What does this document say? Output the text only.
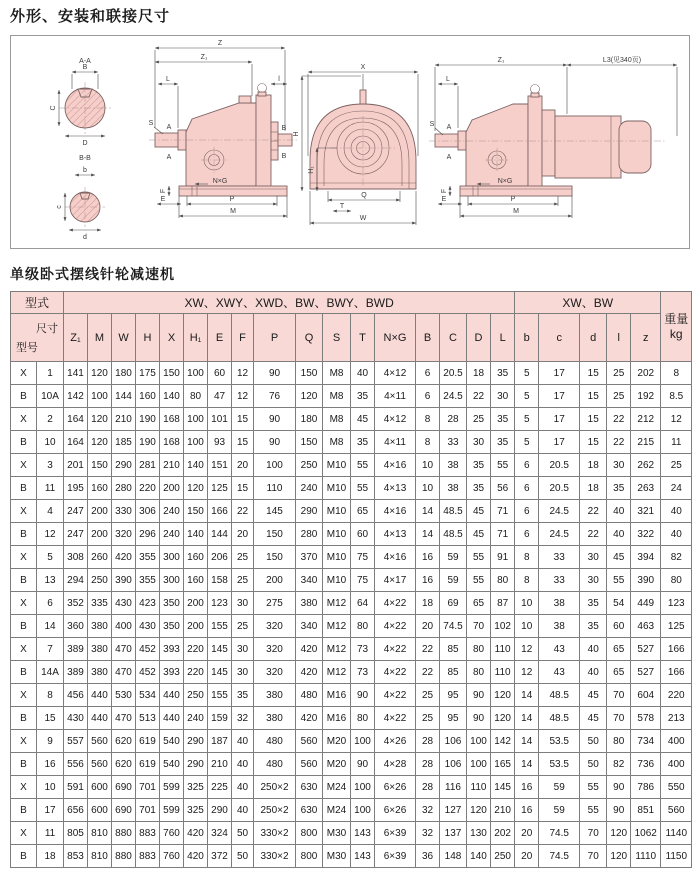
外形、安装和联接尺寸
A-A
B
C
D
B-B
b
c
d
Z
Z₁
L	l
S
A
A
B
B
N×G
F
E	P
M
X
H
H₁
Q
T
W
Z₁	L3(见340页)
L
S A
A
N×G
F
E	P
M
单级卧式摆线针轮减速机
型式		XW、XWY、XWD、BW、BWY、BWD																	XW、BW					重量
kg

尺寸
型号		Z₁	M	W	H	X	H₁	E	F	P	Q	S	T	N×G	B	C	D	L	b	c	d	l	z	
X	1	141	120	180	175	150	100	60	12	90	150	M8	40	4×12	6	20.5	18	35	5	17	15	25	202	8
B	10A	142	100	144	160	140	80	47	12	76	120	M8	35	4×11	6	24.5	22	30	5	17	15	25	192	8.5
X	2	164	120	210	190	168	100	101	15	90	180	M8	45	4×12	8	28	25	35	5	17	15	22	212	12
B	10	164	120	185	190	168	100	93	15	90	150	M8	35	4×11	8	33	30	35	5	17	15	22	215	11
X	3	201	150	290	281	210	140	151	20	100	250	M10	55	4×16	10	38	35	55	6	20.5	18	30	262	25
B	11	195	160	280	220	200	120	125	15	110	240	M10	55	4×13	10	38	35	56	6	20.5	18	35	263	24
X	4	247	200	330	306	240	150	166	22	145	290	M10	65	4×16	14	48.5	45	71	6	24.5	22	40	321	40
B	12	247	200	320	296	240	140	144	20	150	280	M10	60	4×13	14	48.5	45	71	6	24.5	22	40	322	40
X	5	308	260	420	355	300	160	206	25	150	370	M10	75	4×16	16	59	55	91	8	33	30	45	394	82
B	13	294	250	390	355	300	160	158	25	200	340	M10	75	4×17	16	59	55	80	8	33	30	55	390	80
X	6	352	335	430	423	350	200	123	30	275	380	M12	64	4×22	18	69	65	87	10	38	35	54	449	123
B	14	360	380	400	430	350	200	155	25	320	340	M12	80	4×22	20	74.5	70	102	10	38	35	60	463	125
X	7	389	380	470	452	393	220	145	30	320	420	M12	73	4×22	22	85	80	110	12	43	40	65	527	166
B	14A	389	380	470	452	393	220	145	30	320	420	M12	73	4×22	22	85	80	110	12	43	40	65	527	166
X	8	456	440	530	534	440	250	155	35	380	480	M16	90	4×22	25	95	90	120	14	48.5	45	70	604	220
B	15	430	440	470	513	440	240	159	32	380	420	M16	80	4×22	25	95	90	120	14	48.5	45	70	578	213
X	9	557	560	620	619	540	290	187	40	480	560	M20	100	4×26	28	106	100	142	14	53.5	50	80	734	400
B	16	556	560	620	619	540	290	210	40	480	560	M20	90	4×28	28	106	100	165	14	53.5	50	82	736	400
X	10	591	600	690	701	599	325	225	40	250×2	630	M24	100	6×26	28	116	110	145	16	59	55	90	786	550
B	17	656	600	690	701	599	325	290	40	250×2	630	M24	100	6×26	32	127	120	210	16	59	55	90	851	560
X	11	805	810	880	883	760	420	324	50	330×2	800	M30	143	6×39	32	137	130	202	20	74.5	70	120	1062	1140
B	18	853	810	880	883	760	420	372	50	330×2	800	M30	143	6×39	36	148	140	250	20	74.5	70	120	1110	1150
